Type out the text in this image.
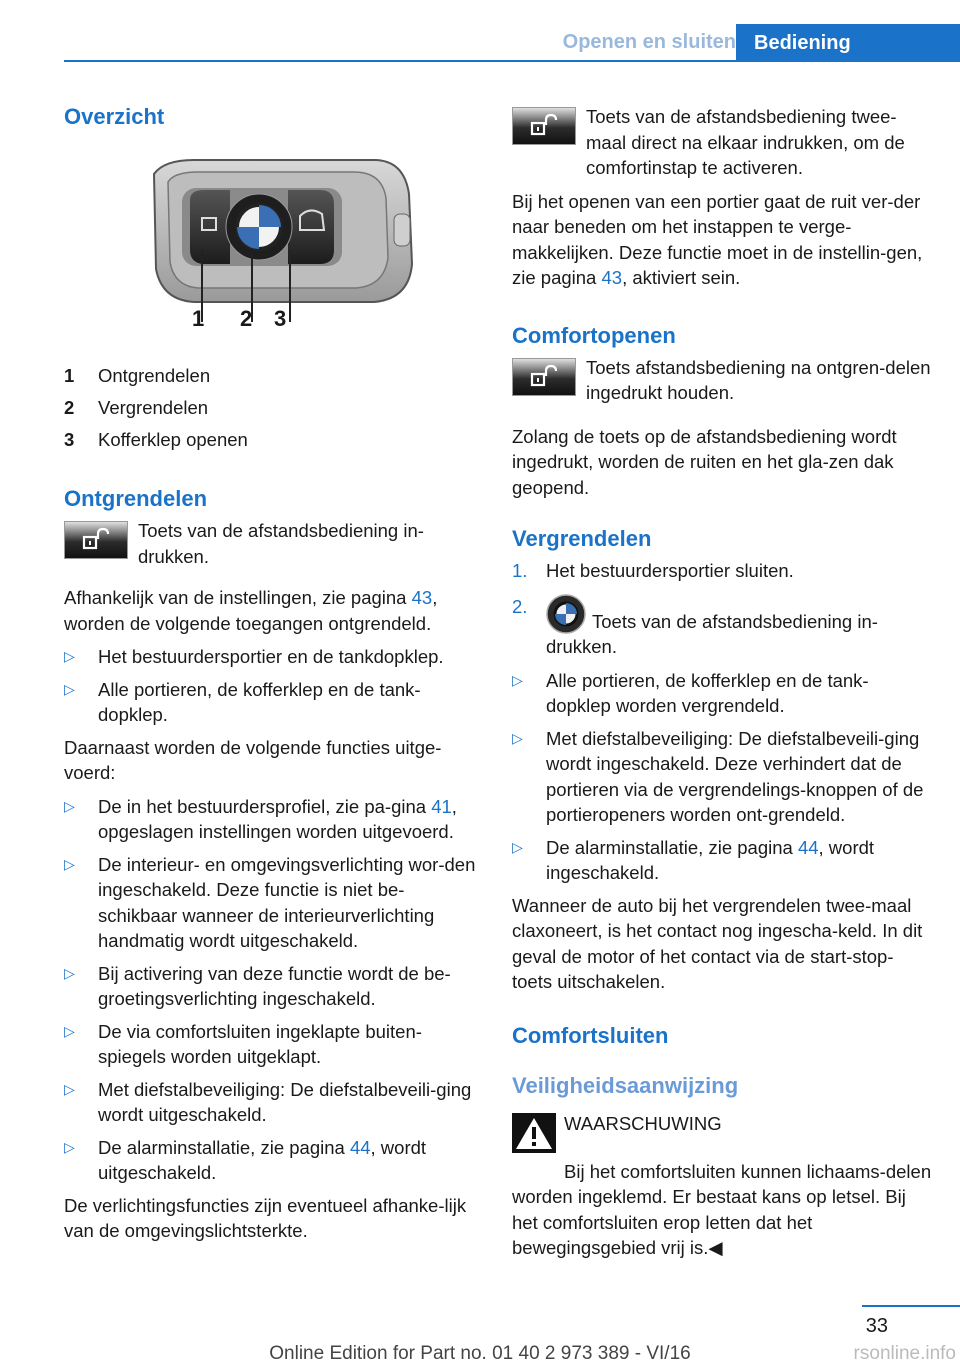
Openen en sluiten Bediening
Overzicht
1 2 3
1	Ontgrendelen
2	Vergrendelen
3	Kofferklep openen
Ontgrendelen

Toets van de afstandsbediening in-drukken.

Afhankelijk van de instellingen, zie pagina 43, worden de volgende toegangen ontgrendeld.

▷	Het bestuurdersportier en de tankdopklep.
▷	Alle portieren, de kofferklep en de tank-dopklep.

Daarnaast worden de volgende functies uitge-voerd:

▷	De in het bestuurdersprofiel, zie pa-gina 41, opgeslagen instellingen worden uitgevoerd.
▷	De interieur- en omgevingsverlichting wor-den ingeschakeld. Deze functie is niet be-schikbaar wanneer de interieurverlichting handmatig wordt uitgeschakeld.
▷	Bij activering van deze functie wordt de be-groetingsverlichting ingeschakeld.
▷	De via comfortsluiten ingeklapte buiten-spiegels worden uitgeklapt.
▷	Met diefstalbeveiliging: De diefstalbeveili-ging wordt uitgeschakeld.
▷	De alarminstallatie, zie pagina 44, wordt uitgeschakeld.

De verlichtingsfuncties zijn eventueel afhanke-lijk van de omgevingslichtsterkte.

Toets van de afstandsbediening twee-maal direct na elkaar indrukken, om de comfortinstap te activeren.

Bij het openen van een portier gaat de ruit ver-der naar beneden om het instappen te verge-makkelijken. Deze functie moet in de instellin-gen, zie pagina 43, aktiviert sein.

Comfortopenen

Toets afstandsbediening na ontgren-delen ingedrukt houden.

Zolang de toets op de afstandsbediening wordt ingedrukt, worden de ruiten en het gla-zen dak geopend.

Vergrendelen
1.	Het bestuurdersportier sluiten.
2.
Toets van de afstandsbediening in-drukken.
▷	Alle portieren, de kofferklep en de tank-dopklep worden vergrendeld.
▷	Met diefstalbeveiliging: De diefstalbeveili-ging wordt ingeschakeld. Deze verhindert dat de portieren via de vergrendelings-knoppen of de portieropeners worden ont-grendeld.
▷	De alarminstallatie, zie pagina 44, wordt ingeschakeld.

Wanneer de auto bij het vergrendelen twee-maal claxoneert, is het contact nog ingescha-keld. In dit geval de motor of het contact via de start-stop-toets uitschakelen.

Comfortsluiten
Veiligheidsaanwijzing
WAARSCHUWING

Bij het comfortsluiten kunnen lichaams-delen worden ingeklemd. Er bestaat kans op letsel. Bij het comfortsluiten erop letten dat het bewegingsgebied vrij is.◀

33
Online Edition for Part no. 01 40 2 973 389 - VI/16	rsonline.info
